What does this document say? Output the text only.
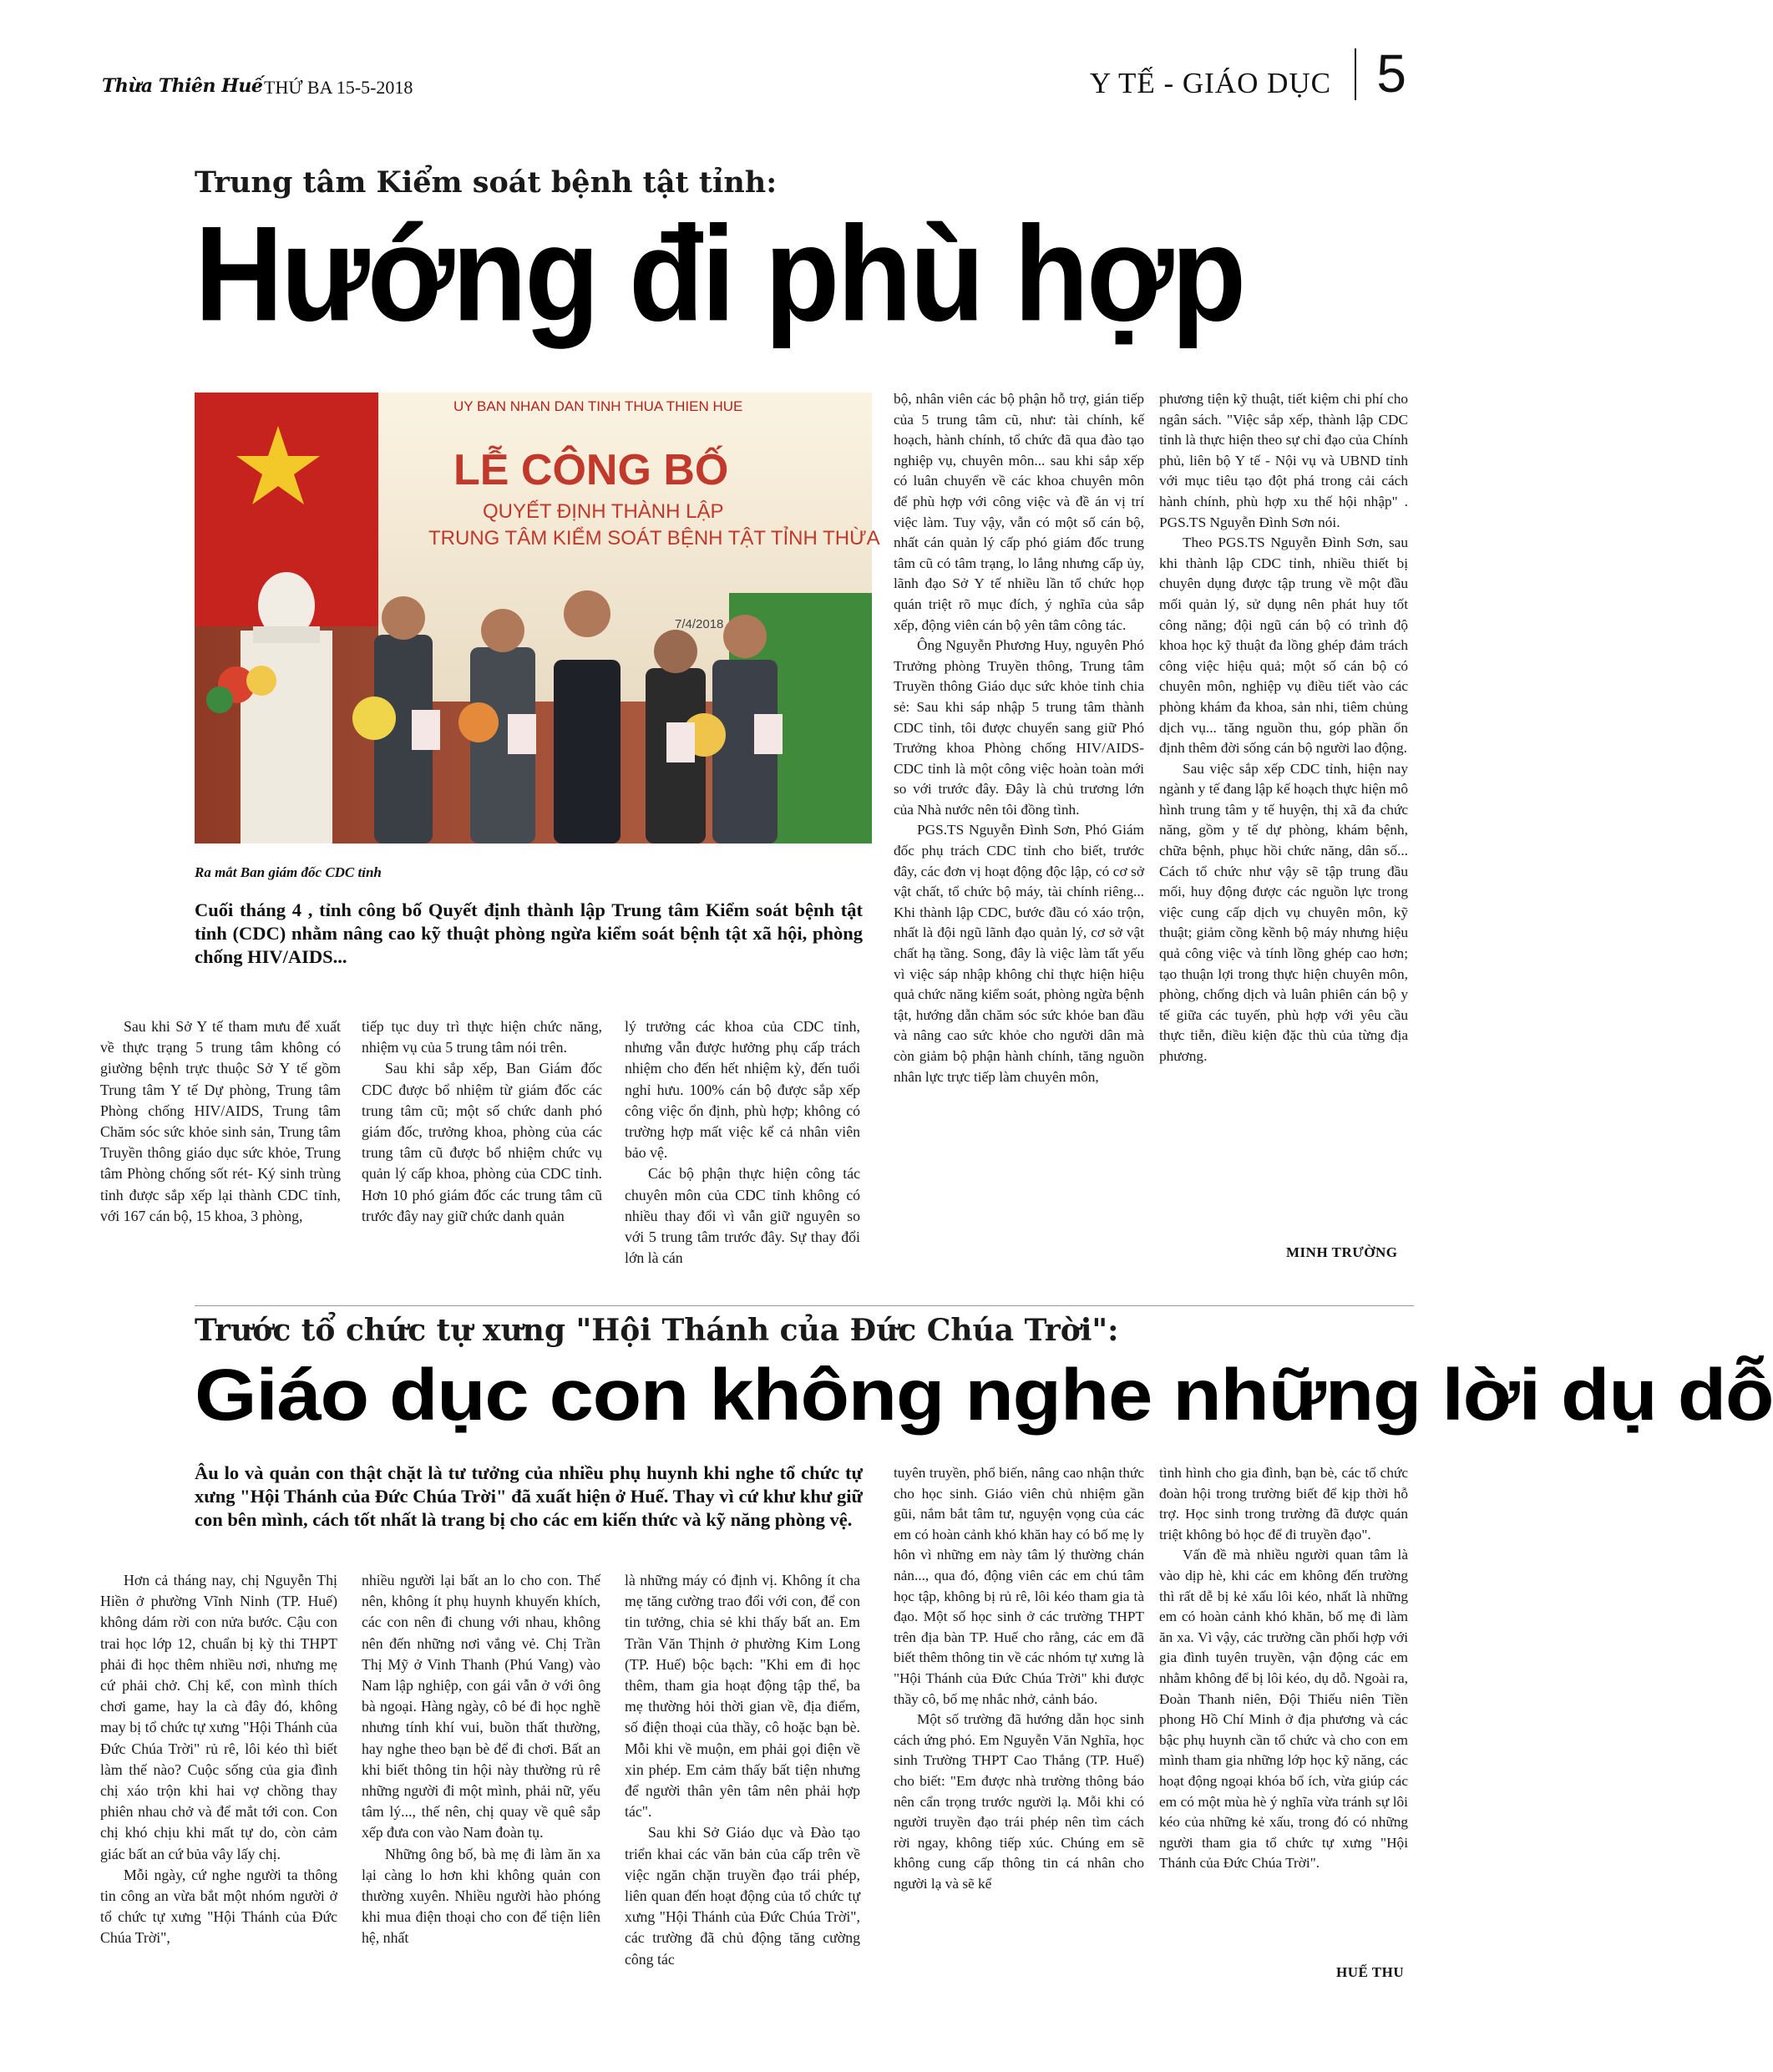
Thừa Thiên Huế THỨ BA 15-5-2018	Y TẾ - GIÁO DỤC 5
Trung tâm Kiểm soát bệnh tật tỉnh:
Hướng đi phù hợp
UY BAN NHAN DAN TINH THUA THIEN HUE
LỄ CÔNG BỐ
QUYẾT ĐỊNH THÀNH LẬP
TRUNG TÂM KIỂM SOÁT BỆNH TẬT TỈNH THỪA
7/4/2018
Ra mắt Ban giám đốc CDC tỉnh
Cuối tháng 4 , tỉnh công bố Quyết định thành lập Trung tâm Kiểm soát bệnh tật tỉnh (CDC) nhằm nâng cao kỹ thuật phòng ngừa kiểm soát bệnh tật xã hội, phòng chống HIV/AIDS...

Sau khi Sở Y tế tham mưu để xuất về thực trạng 5 trung tâm không có giường bệnh trực thuộc Sở Y tế gồm Trung tâm Y tế Dự phòng, Trung tâm Phòng chống HIV/AIDS, Trung tâm Chăm sóc sức khỏe sinh sản, Trung tâm Truyền thông giáo dục sức khỏe, Trung tâm Phòng chống sốt rét- Ký sinh trùng tỉnh được sắp xếp lại thành CDC tỉnh, với 167 cán bộ, 15 khoa, 3 phòng,

tiếp tục duy trì thực hiện chức năng, nhiệm vụ của 5 trung tâm nói trên.

Sau khi sắp xếp, Ban Giám đốc CDC được bổ nhiệm từ giám đốc các trung tâm cũ; một số chức danh phó giám đốc, trưởng khoa, phòng của các trung tâm cũ được bổ nhiệm chức vụ quản lý cấp khoa, phòng của CDC tỉnh. Hơn 10 phó giám đốc các trung tâm cũ trước đây nay giữ chức danh quản

lý trưởng các khoa của CDC tỉnh, nhưng vẫn được hưởng phụ cấp trách nhiệm cho đến hết nhiệm kỳ, đến tuổi nghỉ hưu. 100% cán bộ được sắp xếp công việc ổn định, phù hợp; không có trường hợp mất việc kể cả nhân viên bảo vệ.

Các bộ phận thực hiện công tác chuyên môn của CDC tỉnh không có nhiều thay đổi vì vẫn giữ nguyên so với 5 trung tâm trước đây. Sự thay đổi lớn là cán

bộ, nhân viên các bộ phận hỗ trợ, gián tiếp của 5 trung tâm cũ, như: tài chính, kế hoạch, hành chính, tổ chức đã qua đào tạo nghiệp vụ, chuyên môn... sau khi sắp xếp có luân chuyển về các khoa chuyên môn để phù hợp với công việc và đề án vị trí việc làm. Tuy vậy, vẫn có một số cán bộ, nhất cán quản lý cấp phó giám đốc trung tâm cũ có tâm trạng, lo lắng nhưng cấp ủy, lãnh đạo Sở Y tế nhiều lần tổ chức họp quán triệt rõ mục đích, ý nghĩa của sắp xếp, động viên cán bộ yên tâm công tác.

Ông Nguyễn Phương Huy, nguyên Phó Trưởng phòng Truyền thông, Trung tâm Truyền thông Giáo dục sức khỏe tỉnh chia sẻ: Sau khi sáp nhập 5 trung tâm thành CDC tỉnh, tôi được chuyển sang giữ Phó Trưởng khoa Phòng chống HIV/AIDS-CDC tỉnh là một công việc hoàn toàn mới so với trước đây. Đây là chủ trương lớn của Nhà nước nên tôi đồng tình.

PGS.TS Nguyễn Đình Sơn, Phó Giám đốc phụ trách CDC tỉnh cho biết, trước đây, các đơn vị hoạt động độc lập, có cơ sở vật chất, tổ chức bộ máy, tài chính riêng... Khi thành lập CDC, bước đầu có xáo trộn, nhất là đội ngũ lãnh đạo quản lý, cơ sở vật chất hạ tầng. Song, đây là việc làm tất yếu vì việc sáp nhập không chỉ thực hiện hiệu quả chức năng kiểm soát, phòng ngừa bệnh tật, hướng dẫn chăm sóc sức khỏe ban đầu và nâng cao sức khỏe cho người dân mà còn giảm bộ phận hành chính, tăng nguồn nhân lực trực tiếp làm chuyên môn,

phương tiện kỹ thuật, tiết kiệm chi phí cho ngân sách. "Việc sắp xếp, thành lập CDC tỉnh là thực hiện theo sự chỉ đạo của Chính phủ, liên bộ Y tế - Nội vụ và UBND tỉnh với mục tiêu tạo đột phá trong cải cách hành chính, phù hợp xu thế hội nhập" . PGS.TS Nguyễn Đình Sơn nói.

Theo PGS.TS Nguyễn Đình Sơn, sau khi thành lập CDC tỉnh, nhiều thiết bị chuyên dụng được tập trung về một đầu mối quản lý, sử dụng nên phát huy tốt công năng; đội ngũ cán bộ có trình độ khoa học kỹ thuật đa lồng ghép đảm trách công việc hiệu quả; một số cán bộ có chuyên môn, nghiệp vụ điều tiết vào các phòng khám đa khoa, sản nhi, tiêm chủng dịch vụ... tăng nguồn thu, góp phần ổn định thêm đời sống cán bộ người lao động.

Sau việc sắp xếp CDC tỉnh, hiện nay ngành y tế đang lập kế hoạch thực hiện mô hình trung tâm y tế huyện, thị xã đa chức năng, gồm y tế dự phòng, khám bệnh, chữa bệnh, phục hồi chức năng, dân số... Cách tổ chức như vậy sẽ tập trung đầu mối, huy động được các nguồn lực trong việc cung cấp dịch vụ chuyên môn, kỹ thuật; giảm cồng kềnh bộ máy nhưng hiệu quả công việc và tính lồng ghép cao hơn; tạo thuận lợi trong thực hiện chuyên môn, phòng, chống dịch và luân phiên cán bộ y tế giữa các tuyến, phù hợp với yêu cầu thực tiễn, điều kiện đặc thù của từng địa phương.

MINH TRƯỜNG
Trước tổ chức tự xưng "Hội Thánh của Đức Chúa Trời":
Giáo dục con không nghe những lời dụ dỗ
Âu lo và quản con thật chặt là tư tưởng của nhiều phụ huynh khi nghe tổ chức tự xưng "Hội Thánh của Đức Chúa Trời" đã xuất hiện ở Huế. Thay vì cứ khư khư giữ con bên mình, cách tốt nhất là trang bị cho các em kiến thức và kỹ năng phòng vệ.

Hơn cả tháng nay, chị Nguyễn Thị Hiền ở phường Vĩnh Ninh (TP. Huế) không dám rời con nửa bước. Cậu con trai học lớp 12, chuẩn bị kỳ thi THPT phải đi học thêm nhiều nơi, nhưng mẹ cứ phải chở. Chị kể, con mình thích chơi game, hay la cà đây đó, không may bị tổ chức tự xưng "Hội Thánh của Đức Chúa Trời" rủ rê, lôi kéo thì biết làm thế nào? Cuộc sống của gia đình chị xáo trộn khi hai vợ chồng thay phiên nhau chở và để mắt tới con. Con chị khó chịu khi mất tự do, còn cảm giác bất an cứ bủa vây lấy chị.

Mỗi ngày, cứ nghe người ta thông tin công an vừa bắt một nhóm người ở tổ chức tự xưng "Hội Thánh của Đức Chúa Trời",

nhiều người lại bất an lo cho con. Thế nên, không ít phụ huynh khuyến khích, các con nên đi chung với nhau, không nên đến những nơi vắng vẻ. Chị Trần Thị Mỹ ở Vinh Thanh (Phú Vang) vào Nam lập nghiệp, con gái vẫn ở với ông bà ngoại. Hàng ngày, cô bé đi học nghề nhưng tính khí vui, buồn thất thường, hay nghe theo bạn bè để đi chơi. Bất an khi biết thông tin hội này thường rủ rê những người đi một mình, phải nữ, yếu tâm lý..., thế nên, chị quay về quê sắp xếp đưa con vào Nam đoàn tụ.

Những ông bố, bà mẹ đi làm ăn xa lại càng lo hơn khi không quản con thường xuyên. Nhiều người hào phóng khi mua điện thoại cho con để tiện liên hệ, nhất

là những máy có định vị. Không ít cha mẹ tăng cường trao đổi với con, để con tin tưởng, chia sẻ khi thấy bất an. Em Trần Văn Thịnh ở phường Kim Long (TP. Huế) bộc bạch: "Khi em đi học thêm, tham gia hoạt động tập thể, ba mẹ thường hỏi thời gian về, địa điểm, số điện thoại của thầy, cô hoặc bạn bè. Mỗi khi về muộn, em phải gọi điện về xin phép. Em cảm thấy bất tiện nhưng để người thân yên tâm nên phải hợp tác".

Sau khi Sở Giáo dục và Đào tạo triển khai các văn bản của cấp trên về việc ngăn chặn truyền đạo trái phép, liên quan đến hoạt động của tổ chức tự xưng "Hội Thánh của Đức Chúa Trời", các trường đã chủ động tăng cường công tác

tuyên truyền, phổ biến, nâng cao nhận thức cho học sinh. Giáo viên chủ nhiệm gần gũi, nắm bắt tâm tư, nguyện vọng của các em có hoàn cảnh khó khăn hay có bố mẹ ly hôn vì những em này tâm lý thường chán nản..., qua đó, động viên các em chú tâm học tập, không bị rủ rê, lôi kéo tham gia tà đạo. Một số học sinh ở các trường THPT trên địa bàn TP. Huế cho rằng, các em đã biết thêm thông tin về các nhóm tự xưng là "Hội Thánh của Đức Chúa Trời" khi được thầy cô, bố mẹ nhắc nhở, cảnh báo.

Một số trường đã hướng dẫn học sinh cách ứng phó. Em Nguyễn Văn Nghĩa, học sinh Trường THPT Cao Thắng (TP. Huế) cho biết: "Em được nhà trường thông báo nên cẩn trọng trước người lạ. Mỗi khi có người truyền đạo trái phép nên tìm cách rời ngay, không tiếp xúc. Chúng em sẽ không cung cấp thông tin cá nhân cho người lạ và sẽ kể

tình hình cho gia đình, bạn bè, các tổ chức đoàn hội trong trường biết để kịp thời hỗ trợ. Học sinh trong trường đã được quán triệt không bỏ học để đi truyền đạo".

Vấn đề mà nhiều người quan tâm là vào dịp hè, khi các em không đến trường thì rất dễ bị kẻ xấu lôi kéo, nhất là những em có hoàn cảnh khó khăn, bố mẹ đi làm ăn xa. Vì vậy, các trường cần phối hợp với gia đình tuyên truyền, vận động các em nhằm không để bị lôi kéo, dụ dỗ. Ngoài ra, Đoàn Thanh niên, Đội Thiếu niên Tiền phong Hồ Chí Minh ở địa phương và các bậc phụ huynh cần tổ chức và cho con em mình tham gia những lớp học kỹ năng, các hoạt động ngoại khóa bổ ích, vừa giúp các em có một mùa hè ý nghĩa vừa tránh sự lôi kéo của những kẻ xấu, trong đó có những người tham gia tổ chức tự xưng "Hội Thánh của Đức Chúa Trời".

HUẾ THU
